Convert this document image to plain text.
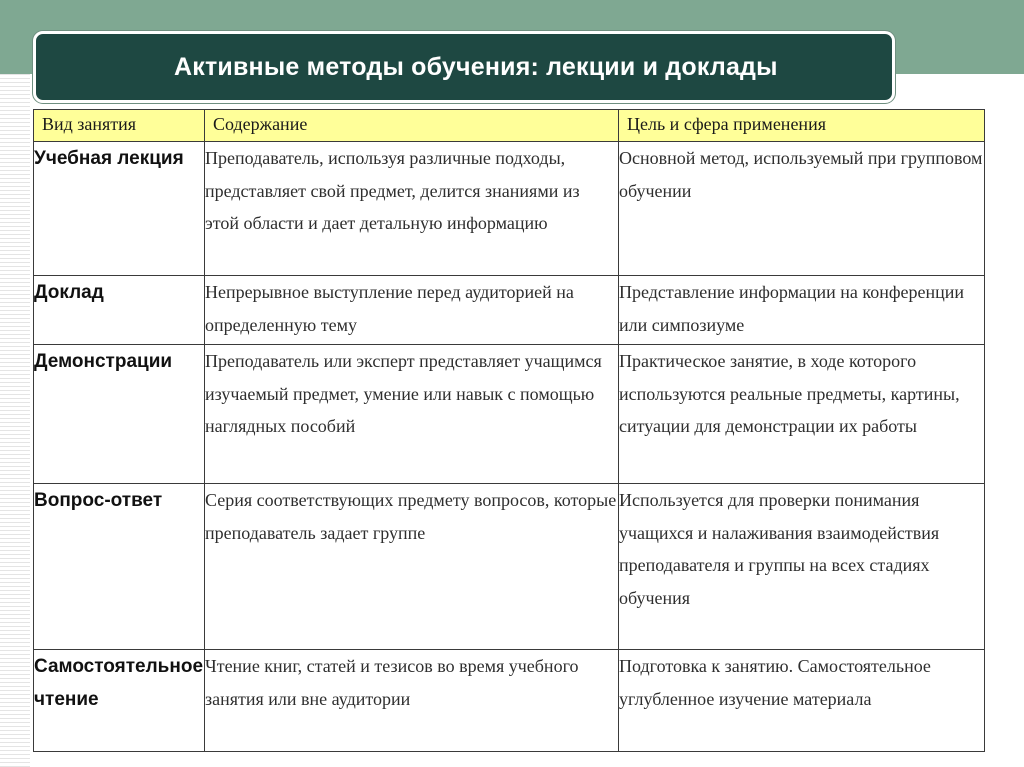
Активные методы обучения: лекции и доклады
Вид занятия	Содержание	Цель и сфера применения
Учебная лекция	Преподаватель, используя различные подходы, представляет свой предмет, делится знаниями из этой области и дает детальную информацию	Основной метод, используемый при групповом обучении
Доклад	Непрерывное выступление перед аудиторией на определенную тему	Представление информации на конференции или симпозиуме
Демонстрации	Преподаватель или эксперт представляет учащимся изучаемый предмет, умение или навык с помощью наглядных пособий	Практическое занятие, в ходе которого используются реальные предметы, картины, ситуации для демонстрации их работы
Вопрос-ответ	Серия соответствующих предмету вопросов, которые преподаватель задает группе	Используется для проверки понимания учащихся и налаживания взаимодействия преподавателя и группы на всех стадиях обучения
Самостоятельное чтение	Чтение книг, статей и тезисов во время учебного занятия или вне аудитории	Подготовка к занятию. Самостоятельное углубленное изучение материала
